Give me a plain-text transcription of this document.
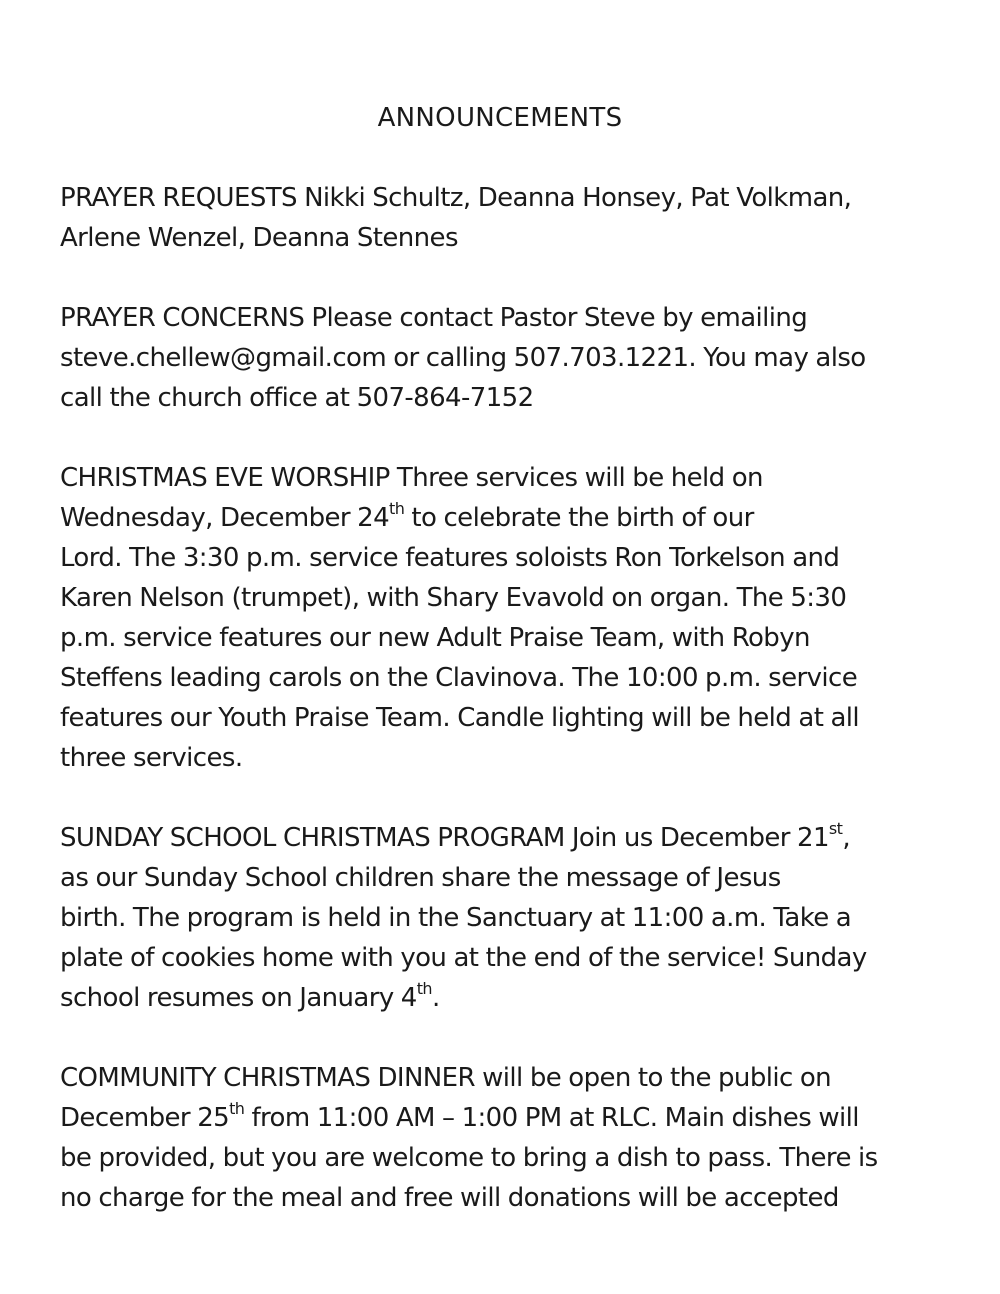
ANNOUNCEMENTS
PRAYER REQUESTS Nikki Schultz, Deanna Honsey, Pat Volkman,
Arlene Wenzel, Deanna Stennes
PRAYER CONCERNS Please contact Pastor Steve by emailing
steve.chellew@gmail.com or calling 507.703.1221. You may also
call the church office at 507-864-7152
CHRISTMAS EVE WORSHIP Three services will be held on
Wednesday, December 24th to celebrate the birth of our
Lord. The 3:30 p.m. service features soloists Ron Torkelson and
Karen Nelson (trumpet), with Shary Evavold on organ. The 5:30
p.m. service features our new Adult Praise Team, with Robyn
Steffens leading carols on the Clavinova. The 10:00 p.m. service
features our Youth Praise Team. Candle lighting will be held at all
three services.
SUNDAY SCHOOL CHRISTMAS PROGRAM Join us December 21st,
as our Sunday School children share the message of Jesus
birth. The program is held in the Sanctuary at 11:00 a.m. Take a
plate of cookies home with you at the end of the service! Sunday
school resumes on January 4th.
COMMUNITY CHRISTMAS DINNER will be open to the public on
December 25th from 11:00 AM – 1:00 PM at RLC. Main dishes will
be provided, but you are welcome to bring a dish to pass. There is
no charge for the meal and free will donations will be accepted
